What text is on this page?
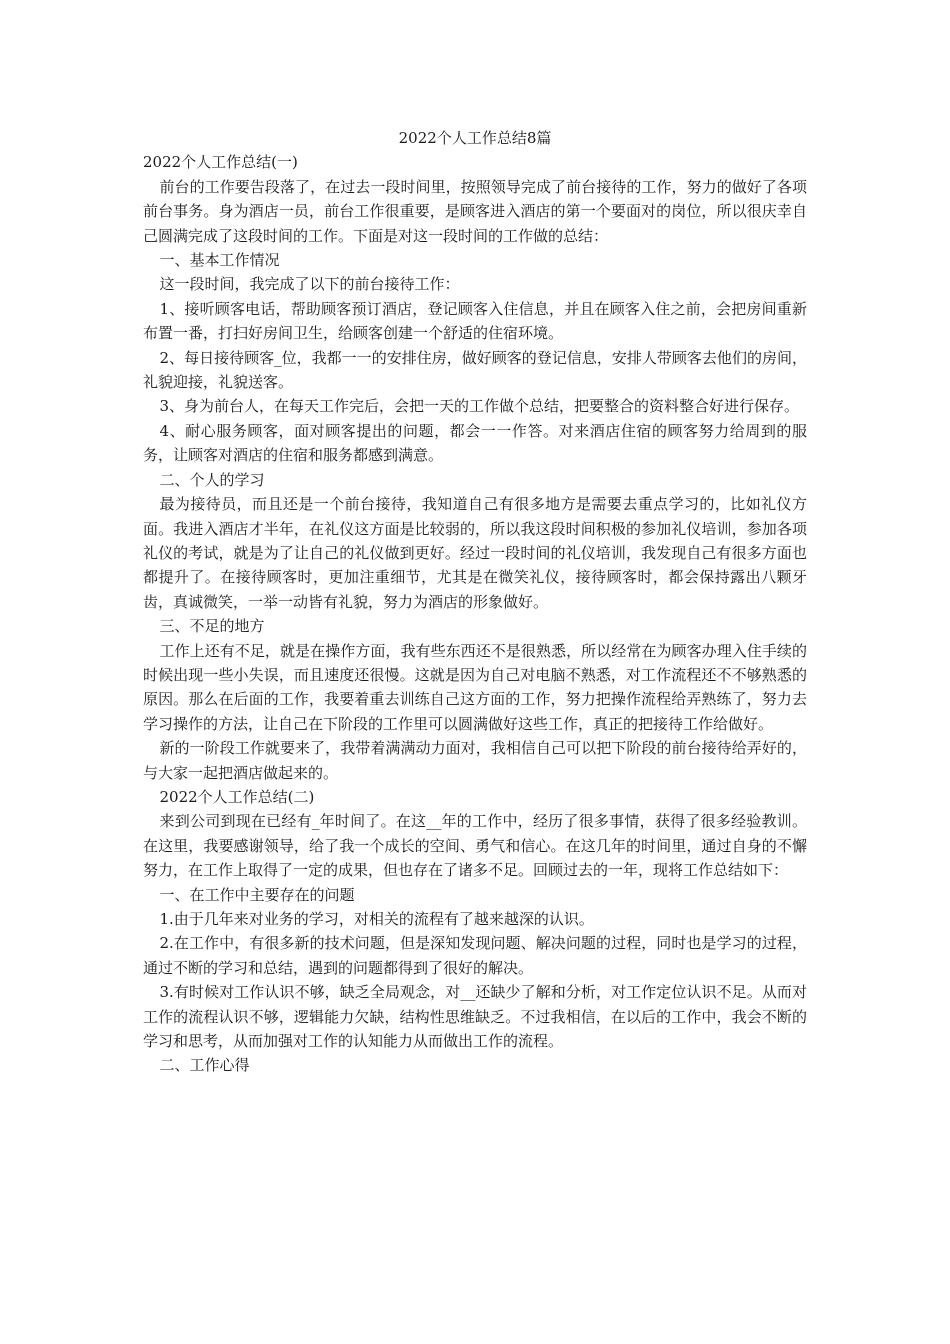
2022个人工作总结8篇

2022个人工作总结(一)

前台的工作要告段落了，在过去一段时间里，按照领导完成了前台接待的工作，努力的做好了各项前台事务。身为酒店一员，前台工作很重要，是顾客进入酒店的第一个要面对的岗位，所以很庆幸自己圆满完成了这段时间的工作。下面是对这一段时间的工作做的总结：

一、基本工作情况

这一段时间，我完成了以下的前台接待工作：

1、接听顾客电话，帮助顾客预订酒店，登记顾客入住信息，并且在顾客入住之前，会把房间重新布置一番，打扫好房间卫生，给顾客创建一个舒适的住宿环境。

2、每日接待顾客_位，我都一一的安排住房，做好顾客的登记信息，安排人带顾客去他们的房间，礼貌迎接，礼貌送客。

3、身为前台人，在每天工作完后，会把一天的工作做个总结，把要整合的资料整合好进行保存。

4、耐心服务顾客，面对顾客提出的问题，都会一一作答。对来酒店住宿的顾客努力给周到的服务，让顾客对酒店的住宿和服务都感到满意。

二、个人的学习

最为接待员，而且还是一个前台接待，我知道自己有很多地方是需要去重点学习的，比如礼仪方面。我进入酒店才半年，在礼仪这方面是比较弱的，所以我这段时间积极的参加礼仪培训，参加各项礼仪的考试，就是为了让自己的礼仪做到更好。经过一段时间的礼仪培训，我发现自己有很多方面也都提升了。在接待顾客时，更加注重细节，尤其是在微笑礼仪，接待顾客时，都会保持露出八颗牙齿，真诚微笑，一举一动皆有礼貌，努力为酒店的形象做好。

三、不足的地方

工作上还有不足，就是在操作方面，我有些东西还不是很熟悉，所以经常在为顾客办理入住手续的时候出现一些小失误，而且速度还很慢。这就是因为自己对电脑不熟悉，对工作流程还不不够熟悉的原因。那么在后面的工作，我要着重去训练自己这方面的工作，努力把操作流程给弄熟练了，努力去学习操作的方法，让自己在下阶段的工作里可以圆满做好这些工作，真正的把接待工作给做好。

新的一阶段工作就要来了，我带着满满动力面对，我相信自己可以把下阶段的前台接待给弄好的，与大家一起把酒店做起来的。

2022个人工作总结(二)

来到公司到现在已经有_年时间了。在这__年的工作中，经历了很多事情，获得了很多经验教训。在这里，我要感谢领导，给了我一个成长的空间、勇气和信心。在这几年的时间里，通过自身的不懈努力，在工作上取得了一定的成果，但也存在了诸多不足。回顾过去的一年，现将工作总结如下：

一、在工作中主要存在的问题

1.由于几年来对业务的学习，对相关的流程有了越来越深的认识。

2.在工作中，有很多新的技术问题，但是深知发现问题、解决问题的过程，同时也是学习的过程，通过不断的学习和总结，遇到的问题都得到了很好的解决。

3.有时候对工作认识不够，缺乏全局观念，对__还缺少了解和分析，对工作定位认识不足。从而对工作的流程认识不够，逻辑能力欠缺，结构性思维缺乏。不过我相信，在以后的工作中，我会不断的学习和思考，从而加强对工作的认知能力从而做出工作的流程。

二、工作心得
